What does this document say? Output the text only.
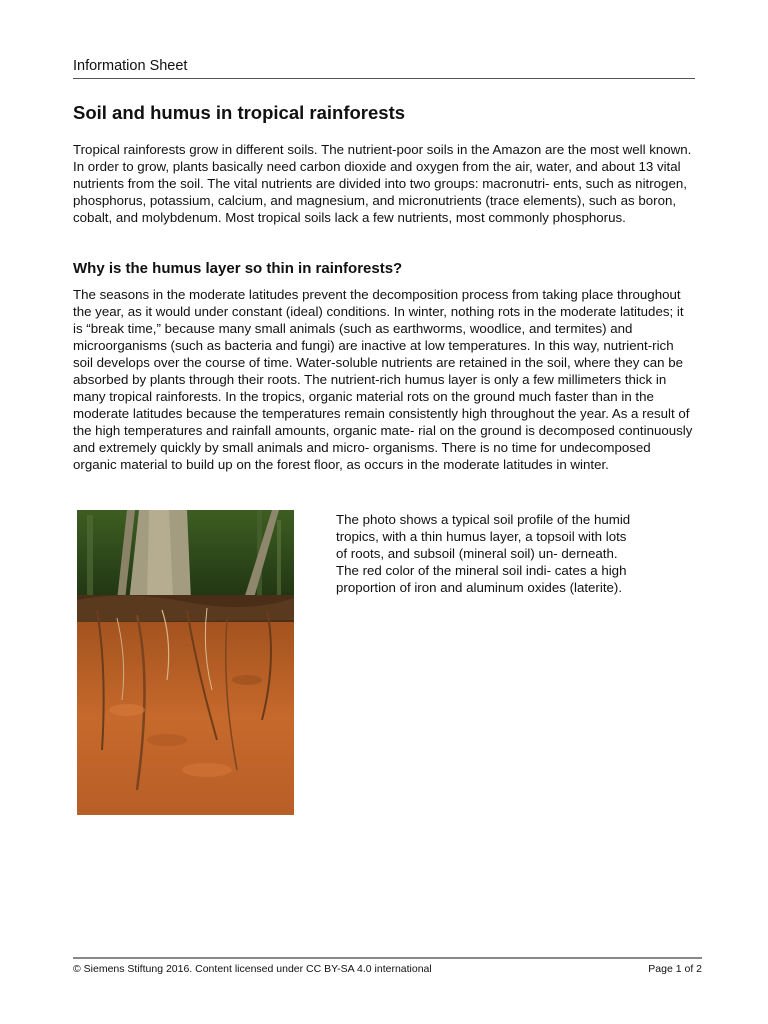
Information Sheet
Soil and humus in tropical rainforests

Tropical rainforests grow in different soils. The nutrient-poor soils in the Amazon are the most well known. In order to grow, plants basically need carbon dioxide and oxygen from the air, water, and about 13 vital nutrients from the soil. The vital nutrients are divided into two groups: macronutri- ents, such as nitrogen, phosphorus, potassium, calcium, and magnesium, and micronutrients (trace elements), such as boron, cobalt, and molybdenum. Most tropical soils lack a few nutrients, most commonly phosphorus.

Why is the humus layer so thin in rainforests?

The seasons in the moderate latitudes prevent the decomposition process from taking place throughout the year, as it would under constant (ideal) conditions. In winter, nothing rots in the moderate latitudes; it is “break time,” because many small animals (such as earthworms, woodlice, and termites) and microorganisms (such as bacteria and fungi) are inactive at low temperatures. In this way, nutrient-rich soil develops over the course of time. Water-soluble nutrients are retained in the soil, where they can be absorbed by plants through their roots. The nutrient-rich humus layer is only a few millimeters thick in many tropical rainforests. In the tropics, organic material rots on the ground much faster than in the moderate latitudes because the temperatures remain consistently high throughout the year. As a result of the high temperatures and rainfall amounts, organic mate- rial on the ground is decomposed continuously and extremely quickly by small animals and micro- organisms. There is no time for undecomposed organic material to build up on the forest floor, as occurs in the moderate latitudes in winter.

The photo shows a typical soil profile of the humid tropics, with a thin humus layer, a topsoil with lots of roots, and subsoil (mineral soil) un- derneath. The red color of the mineral soil indi- cates a high proportion of iron and aluminum oxides (laterite).

© Siemens Stiftung 2016. Content licensed under CC BY-SA 4.0 international	Page 1 of 2
